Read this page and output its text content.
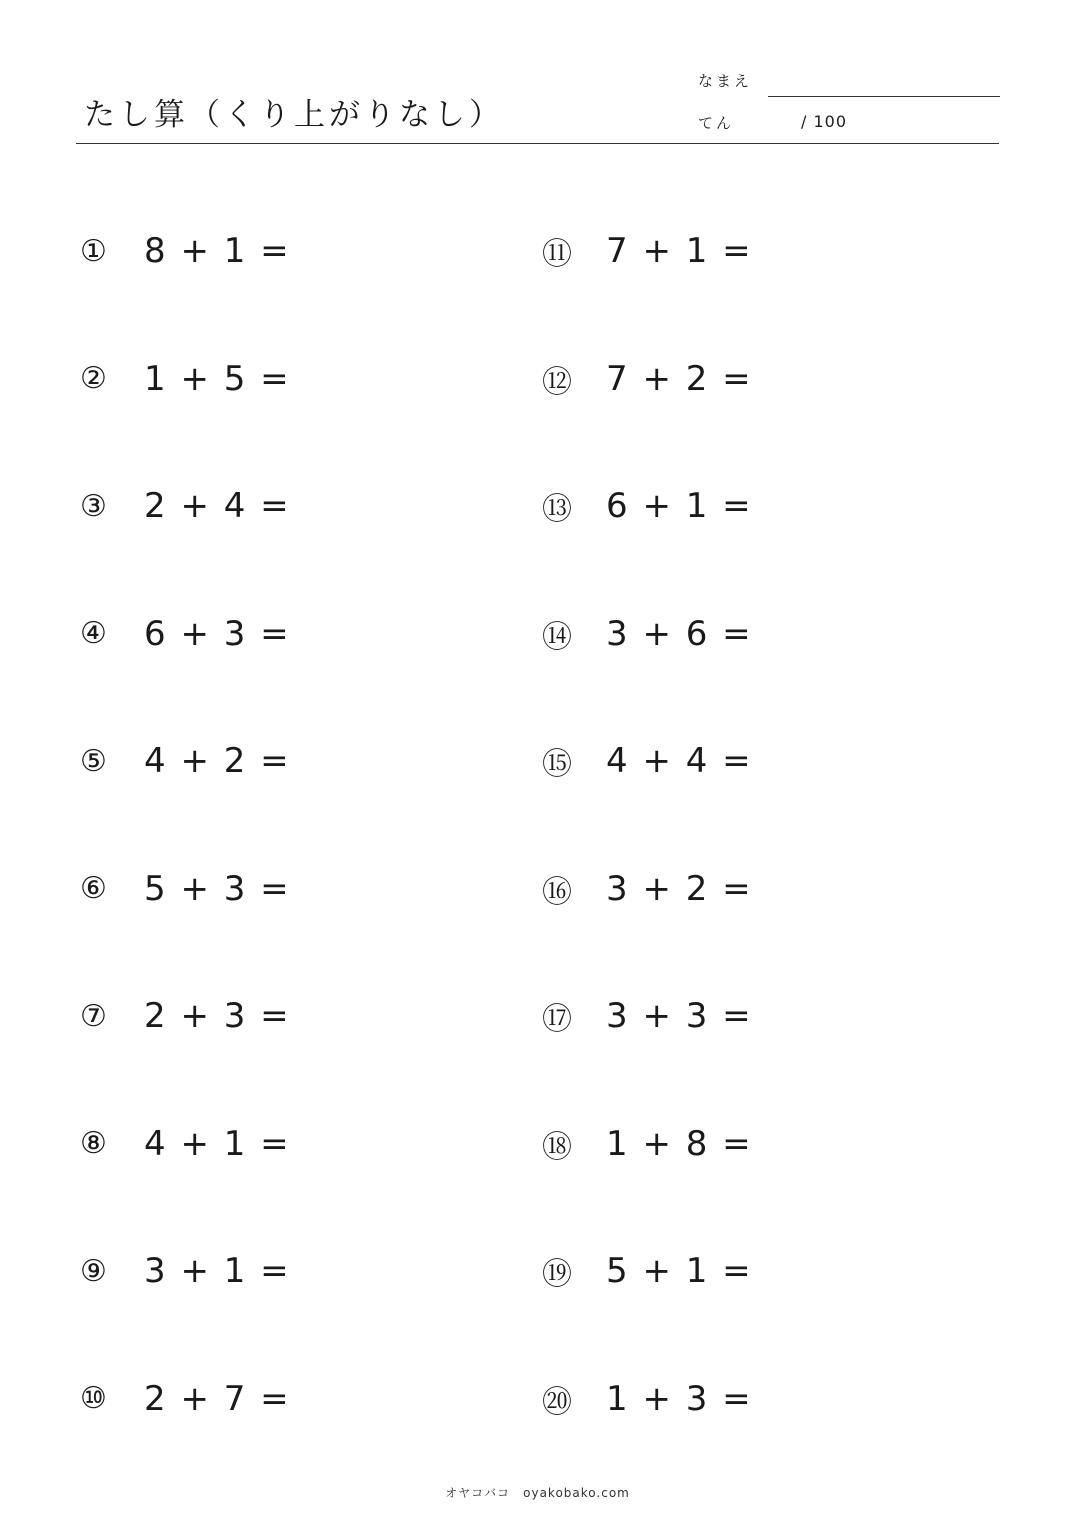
たし算（くり上がりなし）
なまえ
てん	/ 100
①	8 + 1 =
②	1 + 5 =
③	2 + 4 =
④	6 + 3 =
⑤	4 + 2 =
⑥	5 + 3 =
⑦	2 + 3 =
⑧	4 + 1 =
⑨	3 + 1 =
⑩	2 + 7 =
⑪	7 + 1 =
⑫	7 + 2 =
⑬	6 + 1 =
⑭	3 + 6 =
⑮	4 + 4 =
⑯	3 + 2 =
⑰	3 + 3 =
⑱	1 + 8 =
⑲	5 + 1 =
⑳	1 + 3 =
オヤコバコ　oyakobako.com
